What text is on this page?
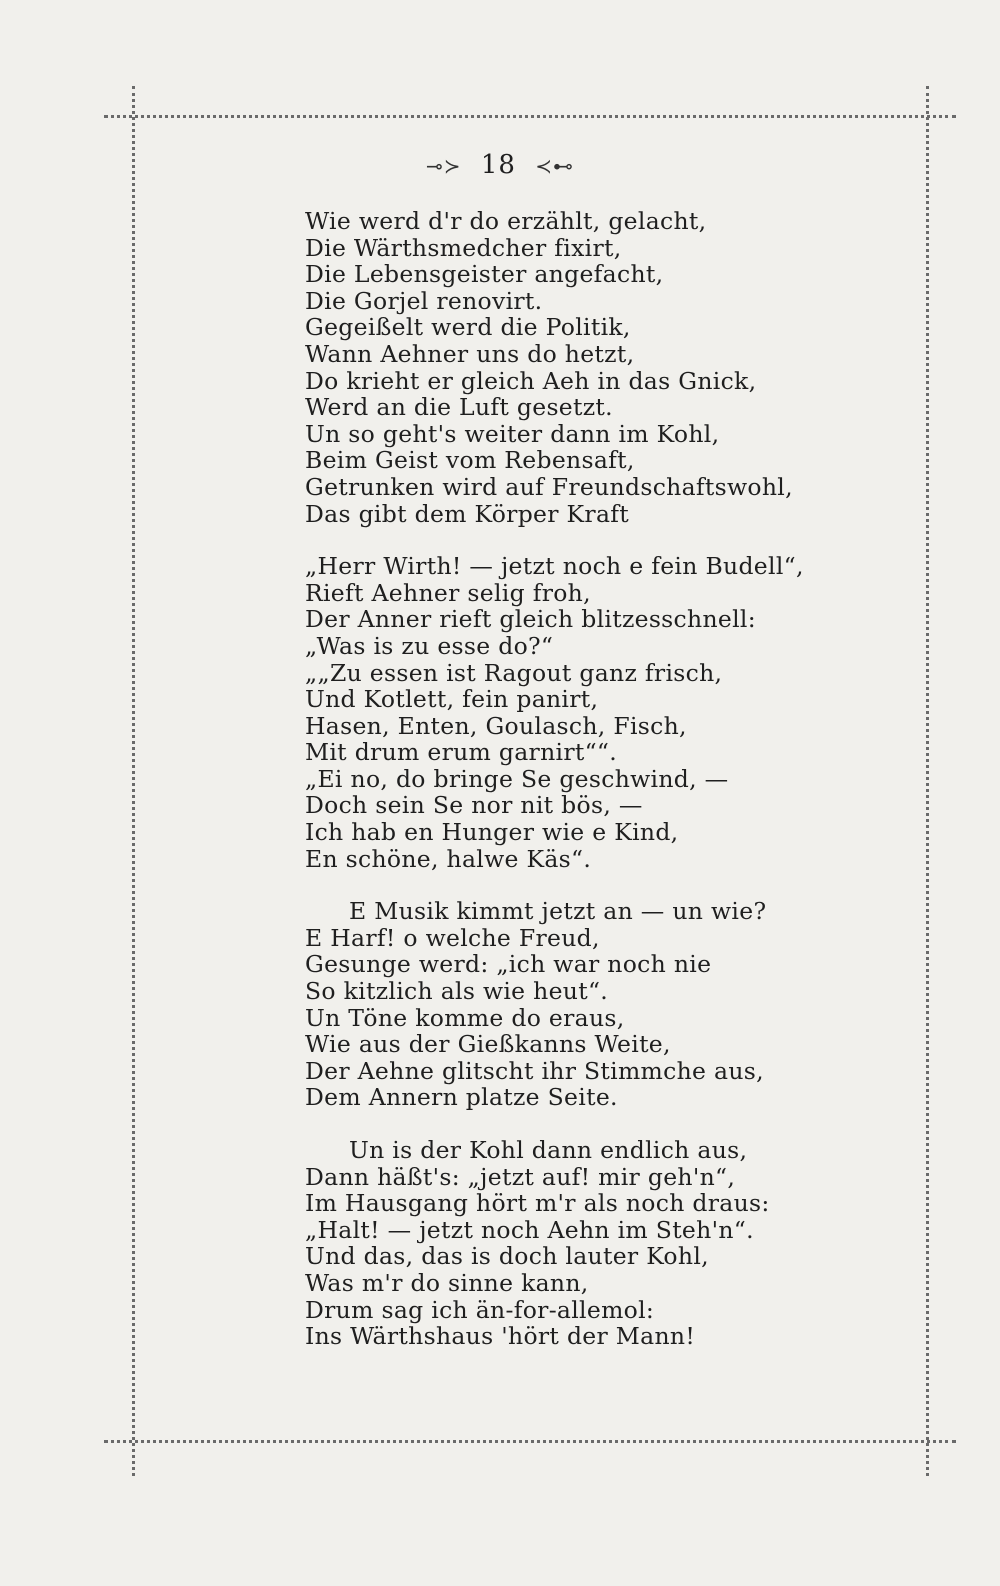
⊸≻ 18 ≺⊷
Wie werd d'r do erzählt, gelacht,
Die Wärthsmedcher fixirt,
Die Lebensgeister angefacht,
Die Gorjel renovirt.
Gegeißelt werd die Politik,
Wann Aehner uns do hetzt,
Do krieht er gleich Aeh in das Gnick,
Werd an die Luft gesetzt.
Un so geht's weiter dann im Kohl,
Beim Geist vom Rebensaft,
Getrunken wird auf Freundschaftswohl,
Das gibt dem Körper Kraft
„Herr Wirth! — jetzt noch e fein Budell“,
Rieft Aehner selig froh,
Der Anner rieft gleich blitzesschnell:
„Was is zu esse do?“
„„Zu essen ist Ragout ganz frisch,
Und Kotlett, fein panirt,
Hasen, Enten, Goulasch, Fisch,
Mit drum erum garnirt““.
„Ei no, do bringe Se geschwind, —
Doch sein Se nor nit bös, —
Ich hab en Hunger wie e Kind,
En schöne, halwe Käs“.
E Musik kimmt jetzt an — un wie?
E Harf! o welche Freud,
Gesunge werd: „ich war noch nie
So kitzlich als wie heut“.
Un Töne komme do eraus,
Wie aus der Gießkanns Weite,
Der Aehne glitscht ihr Stimmche aus,
Dem Annern platze Seite.
Un is der Kohl dann endlich aus,
Dann häßt's: „jetzt auf! mir geh'n“,
Im Hausgang hört m'r als noch draus:
„Halt! — jetzt noch Aehn im Steh'n“.
Und das, das is doch lauter Kohl,
Was m'r do sinne kann,
Drum sag ich än-for-allemol:
Ins Wärthshaus 'hört der Mann!
